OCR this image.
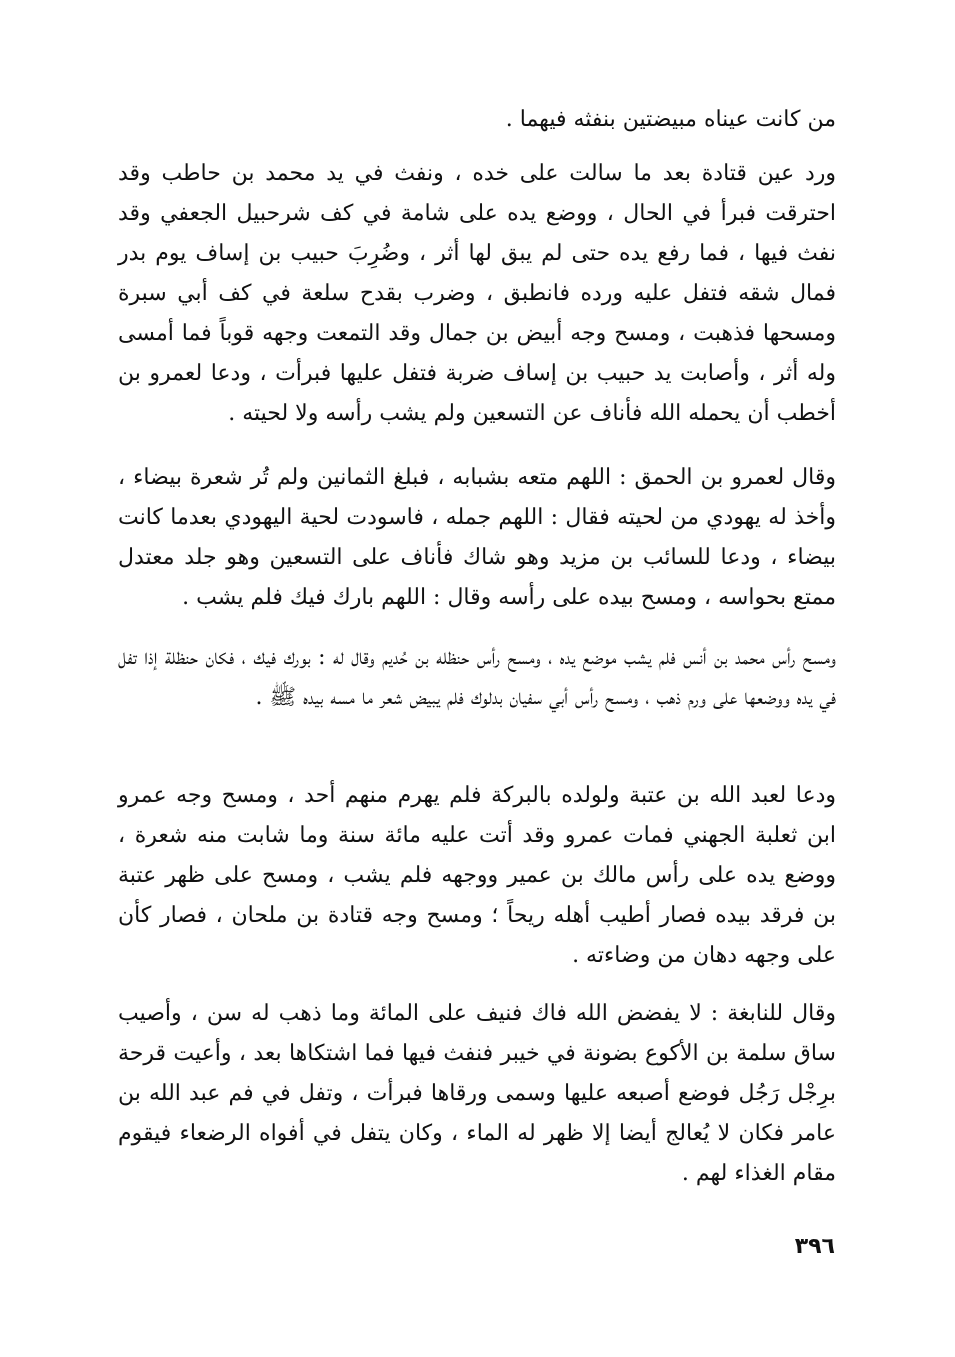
من كانت عيناه مبيضتين بنفثه فيهما .

ورد عين قتادة بعد ما سالت على خده ، ونفث في يد محمد بن حاطب وقد احترقت فبرأ في الحال ، ووضع يده على شامة في كف شرحبيل الجعفي وقد نفث فيها ، فما رفع يده حتى لم يبق لها أثر ، وضُرِبَ حبيب بن إساف يوم بدر فمال شقه فتفل عليه ورده فانطبق ، وضرب بقدح سلعة في كف أبي سبرة ومسحها فذهبت ، ومسح وجه أبيض بن جمال وقد التمعت وجهه قوباً فما أمسى وله أثر ، وأصابت يد حبيب بن إساف ضربة فتفل عليها فبرأت ، ودعا لعمرو بن أخطب أن يحمله الله فأناف عن التسعين ولم يشب رأسه ولا لحيته .

وقال لعمرو بن الحمق : اللهم متعه بشبابه ، فبلغ الثمانين ولم تُر شعرة بيضاء ، وأخذ له يهودي من لحيته فقال : اللهم جمله ، فاسودت لحية اليهودي بعدما كانت بيضاء ، ودعا للسائب بن مزيد وهو شاك فأناف على التسعين وهو جلد معتدل ممتع بحواسه ، ومسح بيده على رأسه وقال : اللهم بارك فيك فلم يشب .

ومسح رأس محمد بن أنس فلم يشب موضع يده ، ومسح رأس حنظله بن حُديم وقال له : بورك فيك ، فكان حنظلة إذا تفل في يده ووضعها على ورم ذهب ، ومسح رأس أبي سفيان بدلوك فلم يبيض شعر ما مسه بيده ﷺ .

ودعا لعبد الله بن عتبة ولولده بالبركة فلم يهرم منهم أحد ، ومسح وجه عمرو ابن ثعلبة الجهني فمات عمرو وقد أتت عليه مائة سنة وما شابت منه شعرة ، ووضع يده على رأس مالك بن عمير ووجهه فلم يشب ، ومسح على ظهر عتبة بن فرقد بيده فصار أطيب أهله ريحاً ؛ ومسح وجه قتادة بن ملحان ، فصار كأن على وجهه دهان من وضاءته .

وقال للنابغة : لا يفضض الله فاك فنيف على المائة وما ذهب له سن ، وأصيب ساق سلمة بن الأكوع بضونة في خيبر فنفث فيها فما اشتكاها بعد ، وأعيت قرحة برِجْل رَجُل فوضع أصبعه عليها وسمى ورقاها فبرأت ، وتفل في فم عبد الله بن عامر فكان لا يُعالج أيضا إلا ظهر له الماء ، وكان يتفل في أفواه الرضعاء فيقوم مقام الغذاء لهم .

٣٩٦
